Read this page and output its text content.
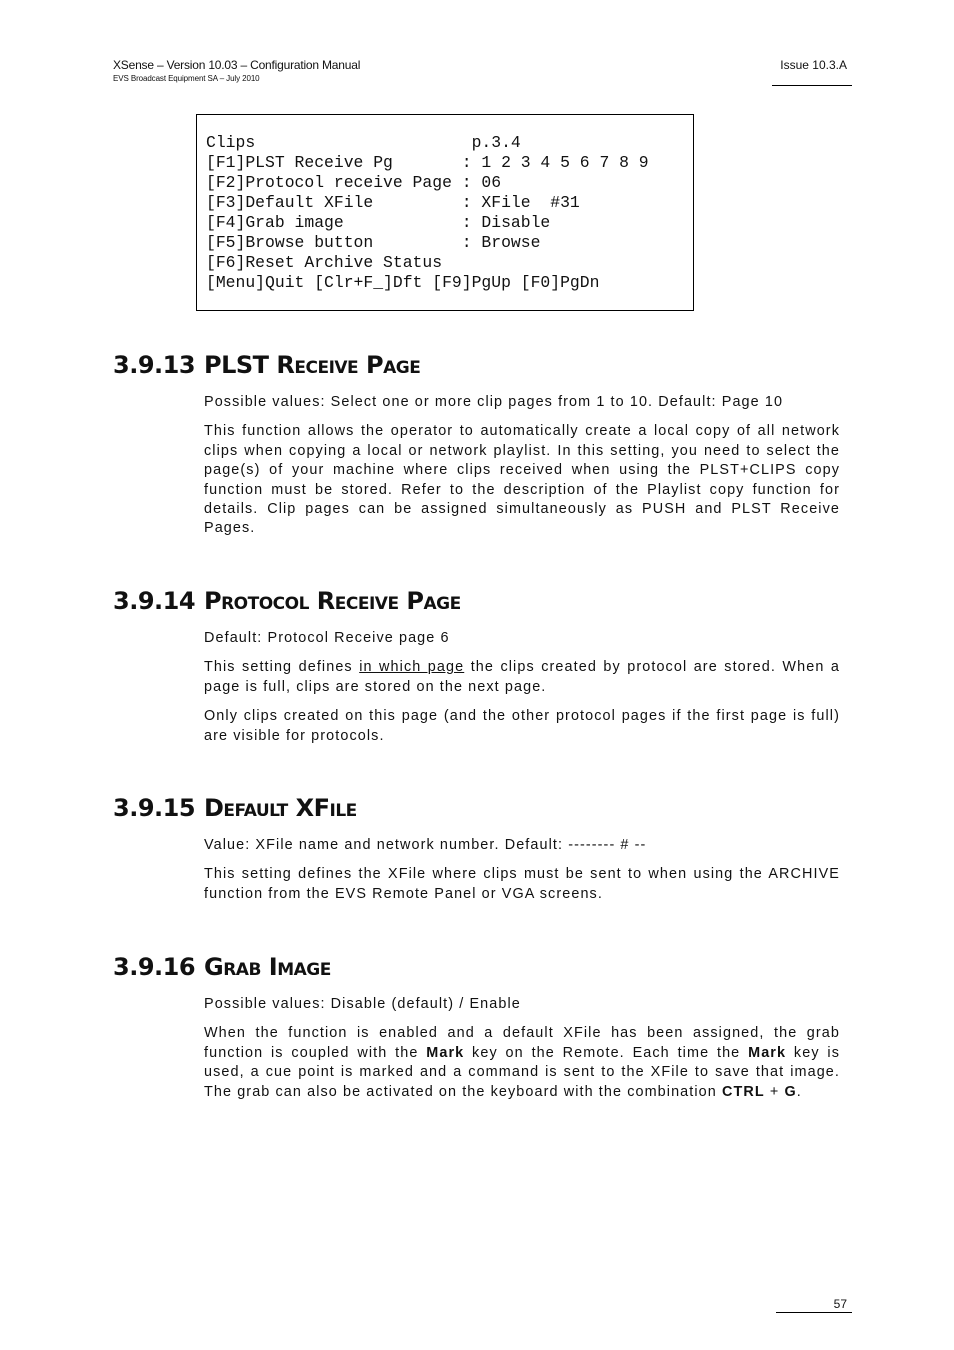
XSense – Version 10.03 – Configuration Manual
EVS Broadcast Equipment SA – July 2010
Issue 10.3.A
Clips                      p.3.4
[F1]PLST Receive Pg       : 1 2 3 4 5 6 7 8 9
[F2]Protocol receive Page : 06
[F3]Default XFile         : XFile  #31
[F4]Grab image            : Disable
[F5]Browse button         : Browse
[F6]Reset Archive Status
[Menu]Quit [Clr+F_]Dft [F9]PgUp [F0]PgDn
3.9.13 PLST Receive Page

Possible values: Select one or more clip pages from 1 to 10. Default: Page 10

This function allows the operator to automatically create a local copy of all network clips when copying a local or network playlist. In this setting, you need to select the page(s) of your machine where clips received when using the PLST+CLIPS copy function must be stored. Refer to the description of the Playlist copy function for details. Clip pages can be assigned simultaneously as PUSH and PLST Receive Pages.

3.9.14 Protocol Receive Page

Default: Protocol Receive page 6

This setting defines in which page the clips created by protocol are stored. When a page is full, clips are stored on the next page.

Only clips created on this page (and the other protocol pages if the first page is full) are visible for protocols.

3.9.15 Default XFile

Value: XFile name and network number. Default: -------- # --

This setting defines the XFile where clips must be sent to when using the ARCHIVE function from the EVS Remote Panel or VGA screens.

3.9.16 Grab Image

Possible values: Disable (default) / Enable

When the function is enabled and a default XFile has been assigned, the grab function is coupled with the Mark key on the Remote. Each time the Mark key is used, a cue point is marked and a command is sent to the XFile to save that image. The grab can also be activated on the keyboard with the combination CTRL + G.

57
